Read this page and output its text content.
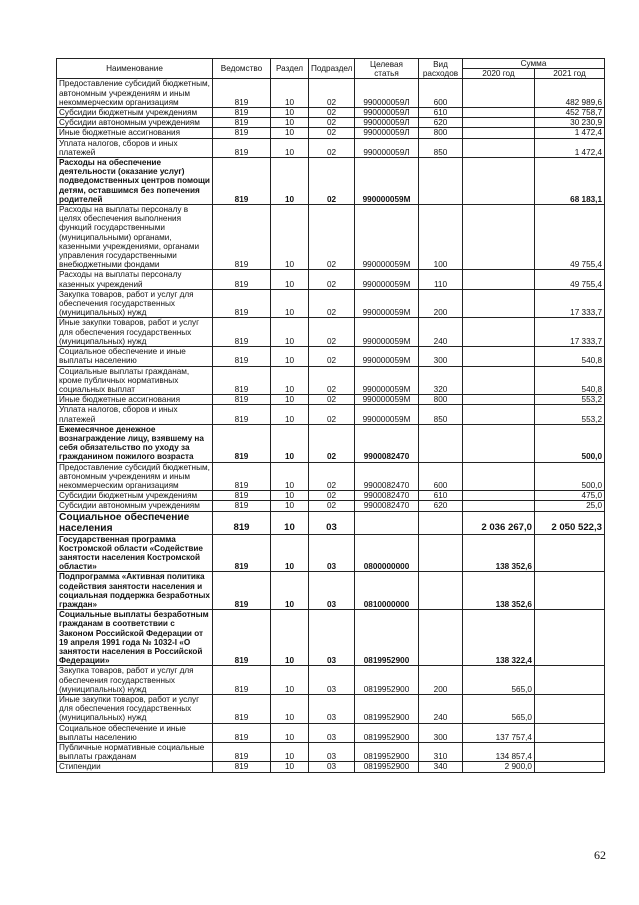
Наименование	Ведомство	Раздел	Подраздел	Целевая статья	Вид расходов	Сумма	
						2020 год	2021 год
Предоставление субсидий бюджетным, автономным учреждениям и иным некоммерческим организациям	819	10	02	990000059Л	600		482 989,6
Субсидии бюджетным учреждениям	819	10	02	990000059Л	610		452 758,7
Субсидии автономным учреждениям	819	10	02	990000059Л	620		30 230,9
Иные бюджетные ассигнования	819	10	02	990000059Л	800		1 472,4
Уплата налогов, сборов и иных платежей	819	10	02	990000059Л	850		1 472,4
Расходы на обеспечение деятельности (оказание услуг) подведомственных центров помощи детям, оставшимся без попечения родителей	819	10	02	990000059М			68 183,1
Расходы на выплаты персоналу в целях обеспечения выполнения функций государственными (муниципальными) органами, казенными учреждениями, органами управления государственными внебюджетными фондами	819	10	02	990000059М	100		49 755,4
Расходы на выплаты персоналу казенных учреждений	819	10	02	990000059М	110		49 755,4
Закупка товаров, работ и услуг для обеспечения государственных (муниципальных) нужд	819	10	02	990000059М	200		17 333,7
Иные закупки товаров, работ и услуг для обеспечения государственных (муниципальных) нужд	819	10	02	990000059М	240		17 333,7
Социальное обеспечение и иные выплаты населению	819	10	02	990000059М	300		540,8
Социальные выплаты гражданам, кроме публичных нормативных социальных выплат	819	10	02	990000059М	320		540,8
Иные бюджетные ассигнования	819	10	02	990000059М	800		553,2
Уплата налогов, сборов и иных платежей	819	10	02	990000059М	850		553,2
Ежемесячное денежное вознаграждение лицу, взявшему на себя обязательство по уходу за гражданином пожилого возраста	819	10	02	9900082470			500,0
Предоставление субсидий бюджетным, автономным учреждениям и иным некоммерческим организациям	819	10	02	9900082470	600		500,0
Субсидии бюджетным учреждениям	819	10	02	9900082470	610		475,0
Субсидии автономным учреждениям	819	10	02	9900082470	620		25,0
Социальное обеспечение населения	819	10	03			2 036 267,0	2 050 522,3
Государственная программа Костромской области «Содействие занятости населения Костромской области»	819	10	03	0800000000		138 352,6	
Подпрограмма «Активная политика содействия занятости населения и социальная поддержка безработных граждан»	819	10	03	0810000000		138 352,6	
Социальные выплаты безработным гражданам в соответствии с Законом Российской Федерации от 19 апреля 1991 года № 1032-I «О занятости населения в Российской Федерации»	819	10	03	0819952900		138 322,4	
Закупка товаров, работ и услуг для обеспечения государственных (муниципальных) нужд	819	10	03	0819952900	200	565,0	
Иные закупки товаров, работ и услуг для обеспечения государственных (муниципальных) нужд	819	10	03	0819952900	240	565,0	
Социальное обеспечение и иные выплаты населению	819	10	03	0819952900	300	137 757,4	
Публичные нормативные социальные выплаты гражданам	819	10	03	0819952900	310	134 857,4	
Стипендии	819	10	03	0819952900	340	2 900,0	
62
